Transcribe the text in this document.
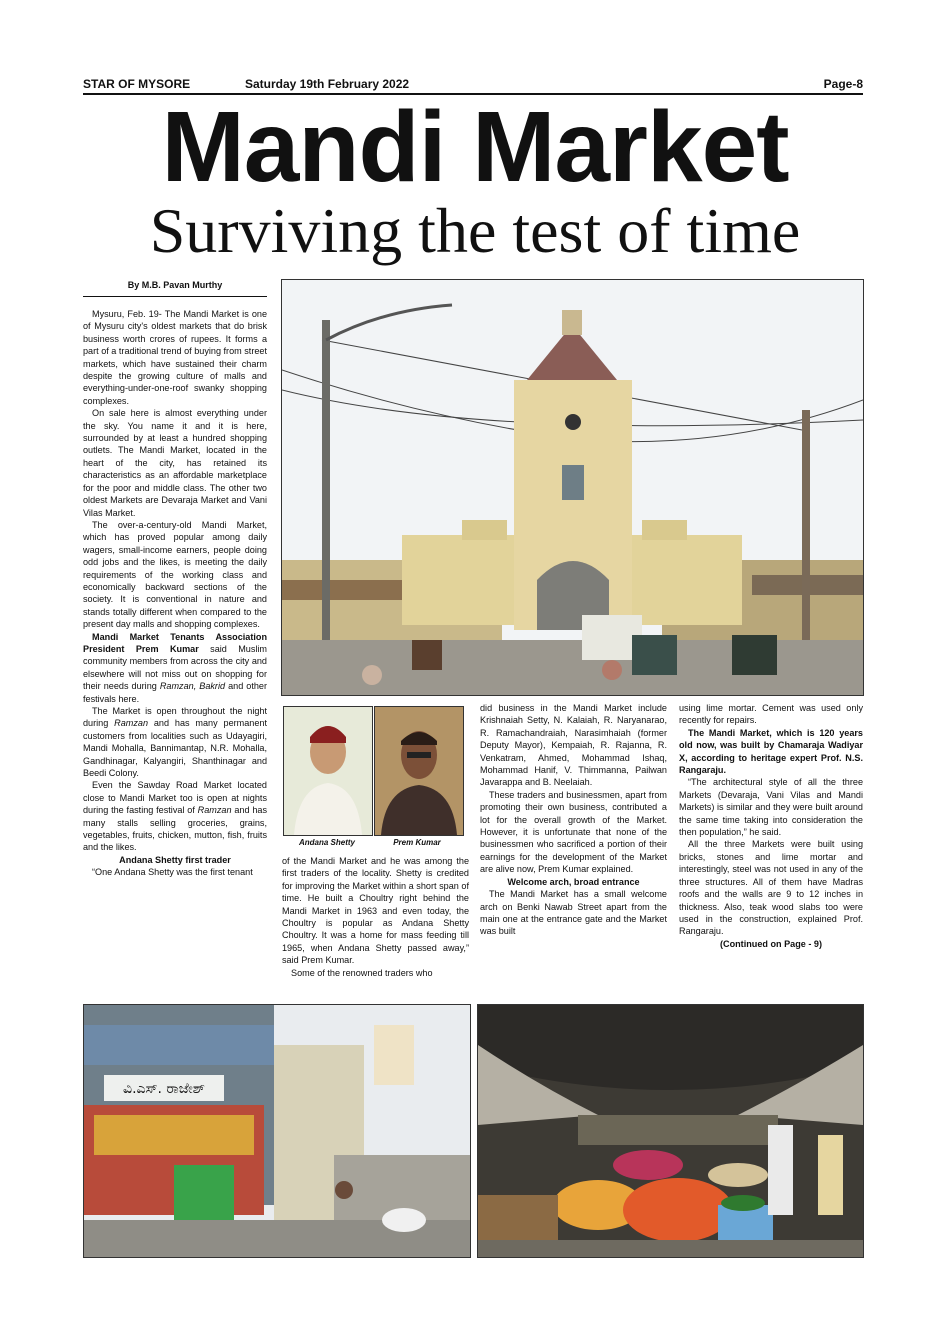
STAR OF MYSORE	Saturday 19th February 2022	Page-8
Mandi Market
Surviving the test of time
By M.B. Pavan Murthy

Mysuru, Feb. 19- The Mandi Market is one of Mysuru city's oldest markets that do brisk business worth crores of rupees. It forms a part of a traditional trend of buying from street markets, which have sustained their charm despite the growing culture of malls and everything-under-one-roof swanky shopping complexes.

On sale here is almost everything under the sky. You name it and it is here, surrounded by at least a hundred shopping outlets. The Mandi Market, located in the heart of the city, has retained its characteristics as an affordable marketplace for the poor and middle class. The other two oldest Markets are Devaraja Market and Vani Vilas Market.

The over-a-century-old Mandi Market, which has proved popular among daily wagers, small-income earners, people doing odd jobs and the likes, is meeting the daily requirements of the working class and economically backward sections of the society. It is conventional in nature and stands totally different when compared to the present day malls and shopping complexes.

Mandi Market Tenants Association President Prem Kumar said Muslim community members from across the city and elsewhere will not miss out on shopping for their needs during Ramzan, Bakrid and other festivals here.

The Market is open throughout the night during Ramzan and has many permanent customers from localities such as Udayagiri, Mandi Mohalla, Bannimantap, N.R. Mohalla, Gandhinagar, Kalyangiri, Shanthinagar and Beedi Colony.

Even the Sawday Road Market located close to Mandi Market too is open at nights during the fasting festival of Ramzan and has many stalls selling groceries, grains, vegetables, fruits, chicken, mutton, fish, fruits and the likes.

Andana Shetty first trader

“One Andana Shetty was the first tenant

Andana Shetty	Prem Kumar

of the Mandi Market and he was among the first traders of the locality. Shetty is credited for improving the Market within a short span of time. He built a Choultry right behind the Mandi Market in 1963 and even today, the Choultry is popular as Andana Shetty Choultry. It was a home for mass feeding till 1965, when Andana Shetty passed away,” said Prem Kumar.

Some of the renowned traders who

did business in the Mandi Market include Krishnaiah Setty, N. Kalaiah, R. Naryanarao, R. Ramachandraiah, Narasimhaiah (former Deputy Mayor), Kempaiah, R. Rajanna, R. Venkatram, Ahmed, Mohammad Ishaq, Mohammad Hanif, V. Thimmanna, Pailwan Javarappa and B. Neelaiah.

These traders and businessmen, apart from promoting their own business, contributed a lot for the overall growth of the Market. However, it is unfortunate that none of the businessmen who sacrificed a portion of their earnings for the development of the Market are alive now, Prem Kumar explained.

Welcome arch, broad entrance

The Mandi Market has a small welcome arch on Benki Nawab Street apart from the main one at the entrance gate and the Market was built

using lime mortar. Cement was used only recently for repairs.

The Mandi Market, which is 120 years old now, was built by Chamaraja Wadiyar X, according to heritage expert Prof. N.S. Rangaraju.

“The architectural style of all the three Markets (Devaraja, Vani Vilas and Mandi Markets) is similar and they were built around the same time taking into consideration the then population,” he said.

All the three Markets were built using bricks, stones and lime mortar and interestingly, steel was not used in any of the three structures. All of them have Madras roofs and the walls are 9 to 12 inches in thickness. Also, teak wood slabs too were used in the construction, explained Prof. Rangaraju.

(Continued on Page - 9)

ವಿ.ಎಸ್. ರಾಜೇಶ್
